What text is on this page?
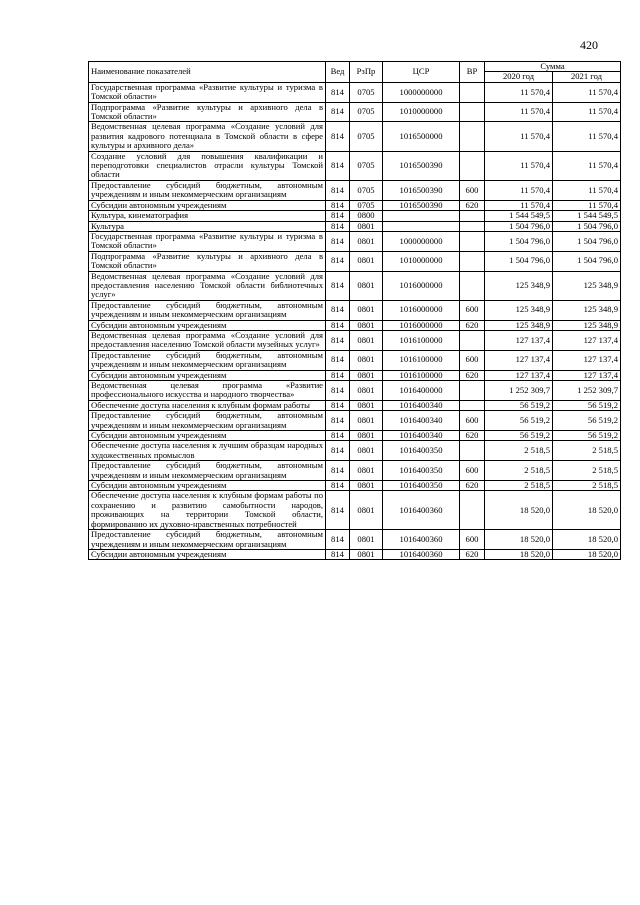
420
Наименование показателей	Вед	РзПр	ЦСР	ВР	Сумма	
					2020 год	2021 год
Государственная программа «Развитие культуры и туризма в Томской области»	814	0705	1000000000		11 570,4	11 570,4
Подпрограмма «Развитие культуры и архивного дела в Томской области»	814	0705	1010000000		11 570,4	11 570,4
Ведомственная целевая программа «Создание условий для развития кадрового потенциала в Томской области в сфере культуры и архивного дела»	814	0705	1016500000		11 570,4	11 570,4
Создание условий для повышения квалификации и переподготовки специалистов отрасли культуры Томской области	814	0705	1016500390		11 570,4	11 570,4
Предоставление субсидий бюджетным, автономным учреждениям и иным некоммерческим организациям	814	0705	1016500390	600	11 570,4	11 570,4
Субсидии автономным учреждениям	814	0705	1016500390	620	11 570,4	11 570,4
Культура, кинематография	814	0800			1 544 549,5	1 544 549,5
Культура	814	0801			1 504 796,0	1 504 796,0
Государственная программа «Развитие культуры и туризма в Томской области»	814	0801	1000000000		1 504 796,0	1 504 796,0
Подпрограмма «Развитие культуры и архивного дела в Томской области»	814	0801	1010000000		1 504 796,0	1 504 796,0
Ведомственная целевая программа «Создание условий для предоставления населению Томской области библиотечных услуг»	814	0801	1016000000		125 348,9	125 348,9
Предоставление субсидий бюджетным, автономным учреждениям и иным некоммерческим организациям	814	0801	1016000000	600	125 348,9	125 348,9
Субсидии автономным учреждениям	814	0801	1016000000	620	125 348,9	125 348,9
Ведомственная целевая программа «Создание условий для предоставления населению Томской области музейных услуг»	814	0801	1016100000		127 137,4	127 137,4
Предоставление субсидий бюджетным, автономным учреждениям и иным некоммерческим организациям	814	0801	1016100000	600	127 137,4	127 137,4
Субсидии автономным учреждениям	814	0801	1016100000	620	127 137,4	127 137,4
Ведомственная целевая программа «Развитие профессионального искусства и народного творчества»	814	0801	1016400000		1 252 309,7	1 252 309,7
Обеспечение доступа населения к клубным формам работы	814	0801	1016400340		56 519,2	56 519,2
Предоставление субсидий бюджетным, автономным учреждениям и иным некоммерческим организациям	814	0801	1016400340	600	56 519,2	56 519,2
Субсидии автономным учреждениям	814	0801	1016400340	620	56 519,2	56 519,2
Обеспечение доступа населения к лучшим образцам народных художественных промыслов	814	0801	1016400350		2 518,5	2 518,5
Предоставление субсидий бюджетным, автономным учреждениям и иным некоммерческим организациям	814	0801	1016400350	600	2 518,5	2 518,5
Субсидии автономным учреждениям	814	0801	1016400350	620	2 518,5	2 518,5
Обеспечение доступа населения к клубным формам работы по сохранению и развитию самобытности народов, проживающих на территории Томской области, формированию их духовно-нравственных потребностей	814	0801	1016400360		18 520,0	18 520,0
Предоставление субсидий бюджетным, автономным учреждениям и иным некоммерческим организациям	814	0801	1016400360	600	18 520,0	18 520,0
Субсидии автономным учреждениям	814	0801	1016400360	620	18 520,0	18 520,0
